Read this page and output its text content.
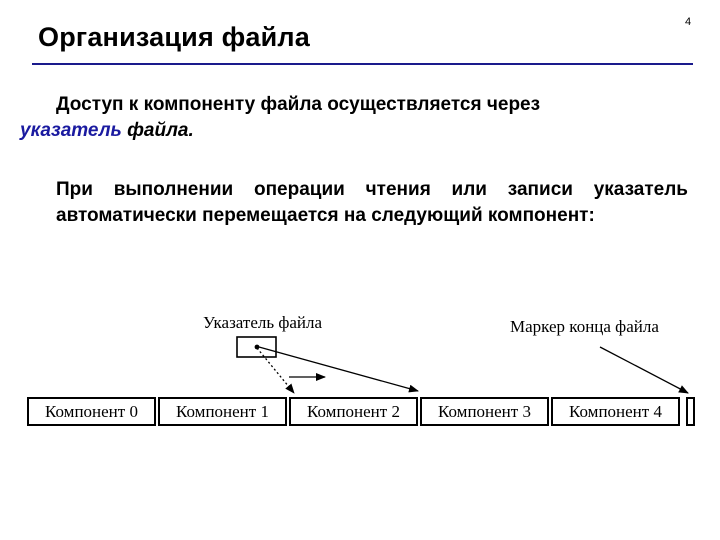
Организация файла	4
Доступ к компоненту файла осуществляется через
указатель файла.
При выполнении операции чтения или записи указатель автоматически перемещается на следующий компонент:
Указатель файла	Маркер конца файла
Компонент 0 Компонент 1 Компонент 2 Компонент 3 Компонент 4
